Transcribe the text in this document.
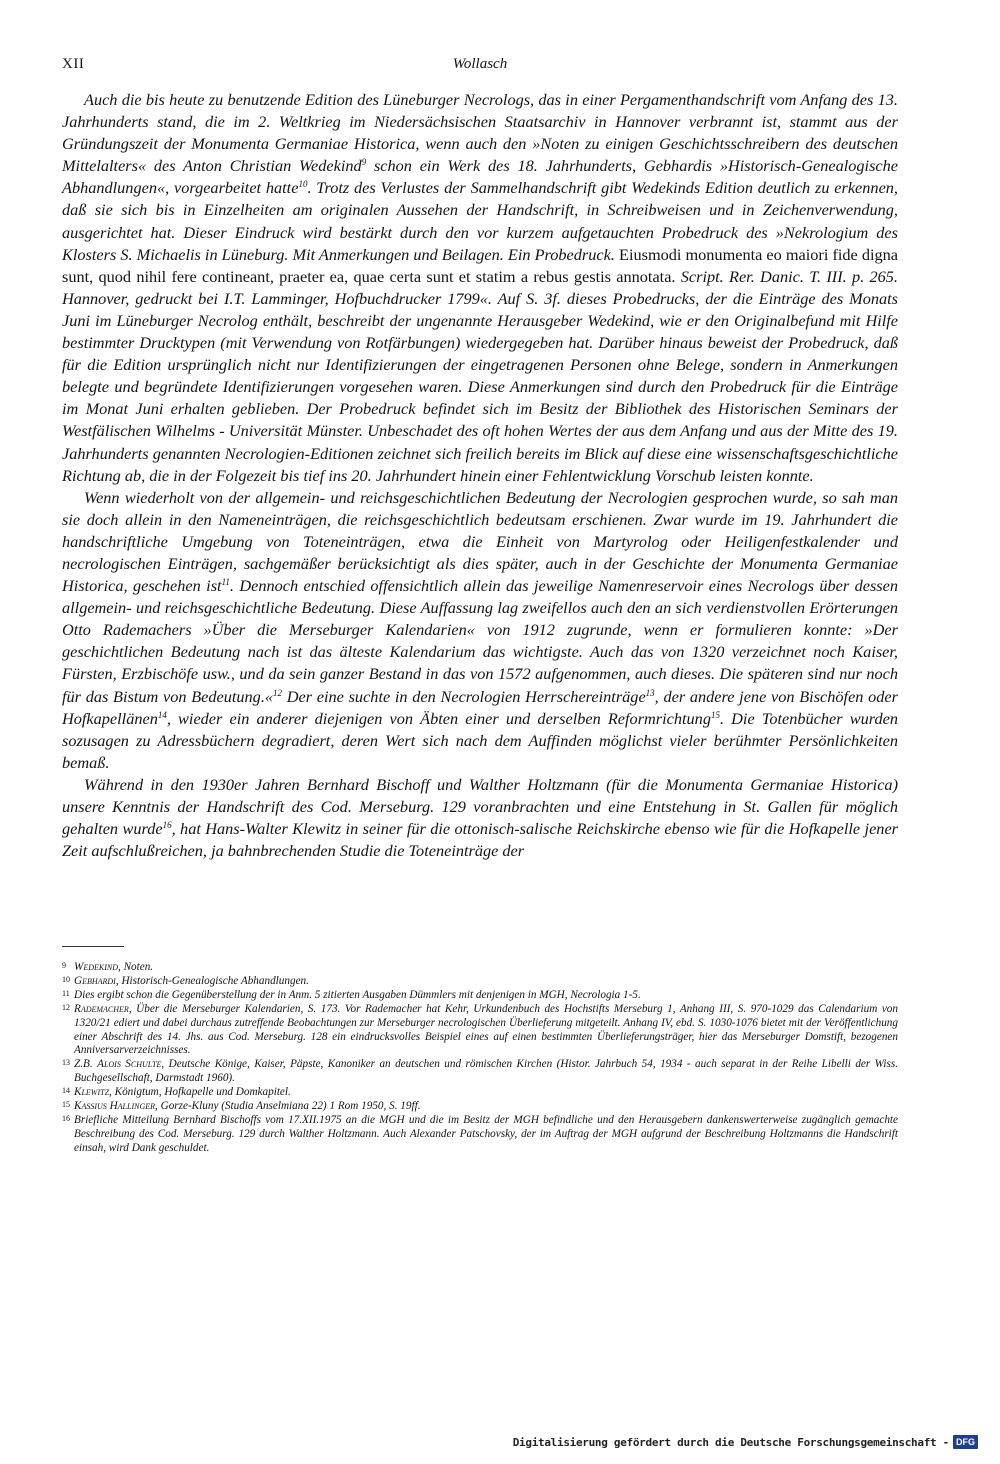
XII	Wollasch

Auch die bis heute zu benutzende Edition des Lüneburger Necrologs, das in einer Pergamenthandschrift vom Anfang des 13. Jahrhunderts stand, die im 2. Weltkrieg im Niedersächsischen Staatsarchiv in Hannover verbrannt ist, stammt aus der Gründungszeit der Monumenta Germaniae Historica, wenn auch den »Noten zu einigen Geschichtsschreibern des deutschen Mittelalters« des Anton Christian Wedekind$^9$ schon ein Werk des 18. Jahrhunderts, Gebhardis »Historisch-Genealogische Abhandlungen«, vorgearbeitet hatte$^{10}$. Trotz des Verlustes der Sammelhandschrift gibt Wedekinds Edition deutlich zu erkennen, daß sie sich bis in Einzelheiten am originalen Aussehen der Handschrift, in Schreibweisen und in Zeichenverwendung, ausgerichtet hat. Dieser Eindruck wird bestärkt durch den vor kurzem aufgetauchten Probedruck des »Nekrologium des Klosters S. Michaelis in Lüneburg. Mit Anmerkungen und Beilagen. Ein Probedruck. Eiusmodi monumenta eo maiori fide digna sunt, quod nihil fere contineant, praeter ea, quae certa sunt et statim a rebus gestis annotata. Script. Rer. Danic. T. III. p. 265. Hannover, gedruckt bei I.T. Lamminger, Hofbuchdrucker 1799«. Auf S. 3f. dieses Probedrucks, der die Einträge des Monats Juni im Lüneburger Necrolog enthält, beschreibt der ungenannte Herausgeber Wedekind, wie er den Originalbefund mit Hilfe bestimmter Drucktypen (mit Verwendung von Rotfärbungen) wiedergegeben hat. Darüber hinaus beweist der Probedruck, daß für die Edition ursprünglich nicht nur Identifizierungen der eingetragenen Personen ohne Belege, sondern in Anmerkungen belegte und begründete Identifizierungen vorgesehen waren. Diese Anmerkungen sind durch den Probedruck für die Einträge im Monat Juni erhalten geblieben. Der Probedruck befindet sich im Besitz der Bibliothek des Historischen Seminars der Westfälischen Wilhelms - Universität Münster. Unbeschadet des oft hohen Wertes der aus dem Anfang und aus der Mitte des 19. Jahrhunderts genannten Necrologien-Editionen zeichnet sich freilich bereits im Blick auf diese eine wissenschaftsgeschichtliche Richtung ab, die in der Folgezeit bis tief ins 20. Jahrhundert hinein einer Fehlentwicklung Vorschub leisten konnte.

Wenn wiederholt von der allgemein- und reichsgeschichtlichen Bedeutung der Necrologien gesprochen wurde, so sah man sie doch allein in den Nameneinträgen, die reichsgeschichtlich bedeutsam erschienen. Zwar wurde im 19. Jahrhundert die handschriftliche Umgebung von Toteneinträgen, etwa die Einheit von Martyrolog oder Heiligenfestkalender und necrologischen Einträgen, sachgemäßer berücksichtigt als dies später, auch in der Geschichte der Monumenta Germaniae Historica, geschehen ist$^{11}$. Dennoch entschied offensichtlich allein das jeweilige Namenreservoir eines Necrologs über dessen allgemein- und reichsgeschichtliche Bedeutung. Diese Auffassung lag zweifellos auch den an sich verdienstvollen Erörterungen Otto Rademachers »Über die Merseburger Kalendarien« von 1912 zugrunde, wenn er formulieren konnte: »Der geschichtlichen Bedeutung nach ist das älteste Kalendarium das wichtigste. Auch das von 1320 verzeichnet noch Kaiser, Fürsten, Erzbischöfe usw., und da sein ganzer Bestand in das von 1572 aufgenommen, auch dieses. Die späteren sind nur noch für das Bistum von Bedeutung.«$^{12}$ Der eine suchte in den Necrologien Herrschereinträge$^{13}$, der andere jene von Bischöfen oder Hofkapellänen$^{14}$, wieder ein anderer diejenigen von Äbten einer und derselben Reformrichtung$^{15}$. Die Totenbücher wurden sozusagen zu Adressbüchern degradiert, deren Wert sich nach dem Auffinden möglichst vieler berühmter Persönlichkeiten bemaß.

Während in den 1930er Jahren Bernhard Bischoff und Walther Holtzmann (für die Monumenta Germaniae Historica) unsere Kenntnis der Handschrift des Cod. Merseburg. 129 voranbrachten und eine Entstehung in St. Gallen für möglich gehalten wurde$^{16}$, hat Hans-Walter Klewitz in seiner für die ottonisch-salische Reichskirche ebenso wie für die Hofkapelle jener Zeit aufschlußreichen, ja bahnbrechenden Studie die Toteneinträge der

9 Wedekind, Noten.
10 Gebhardi, Historisch-Genealogische Abhandlungen.
11 Dies ergibt schon die Gegenüberstellung der in Anm. 5 zitierten Ausgaben Dümmlers mit denjenigen in MGH, Necrologia 1-5.
12 Rademacher, Über die Merseburger Kalendarien, S. 173. Vor Rademacher hat Kehr, Urkundenbuch des Hochstifts Merseburg 1, Anhang III, S. 970-1029 das Calendarium von 1320/21 ediert und dabei durchaus zutreffende Beobachtungen zur Merseburger necrologischen Überlieferung mitgeteilt. Anhang IV, ebd. S. 1030-1076 bietet mit der Veröffentlichung einer Abschrift des 14. Jhs. aus Cod. Merseburg. 128 ein eindrucksvolles Beispiel eines auf einen bestimmten Überlieferungsträger, hier das Merseburger Domstift, bezogenen Anniversarverzeichnisses.
13 Z.B. Alois Schulte, Deutsche Könige, Kaiser, Päpste, Kanoniker an deutschen und römischen Kirchen (Histor. Jahrbuch 54, 1934 - auch separat in der Reihe Libelli der Wiss. Buchgesellschaft, Darmstadt 1960).
14 Klewitz, Königtum, Hofkapelle und Domkapitel.
15 Kassius Hallinger, Gorze-Kluny (Studia Anselmiana 22) 1 Rom 1950, S. 19ff.
16 Briefliche Mitteilung Bernhard Bischoffs vom 17.XII.1975 an die MGH und die im Besitz der MGH befindliche und den Herausgebern dankenswerterweise zugänglich gemachte Beschreibung des Cod. Merseburg. 129 durch Walther Holtzmann. Auch Alexander Patschovsky, der im Auftrag der MGH aufgrund der Beschreibung Holtzmanns die Handschrift einsah, wird Dank geschuldet.
Digitalisierung gefördert durch die Deutsche Forschungsgemeinschaft - DFG
